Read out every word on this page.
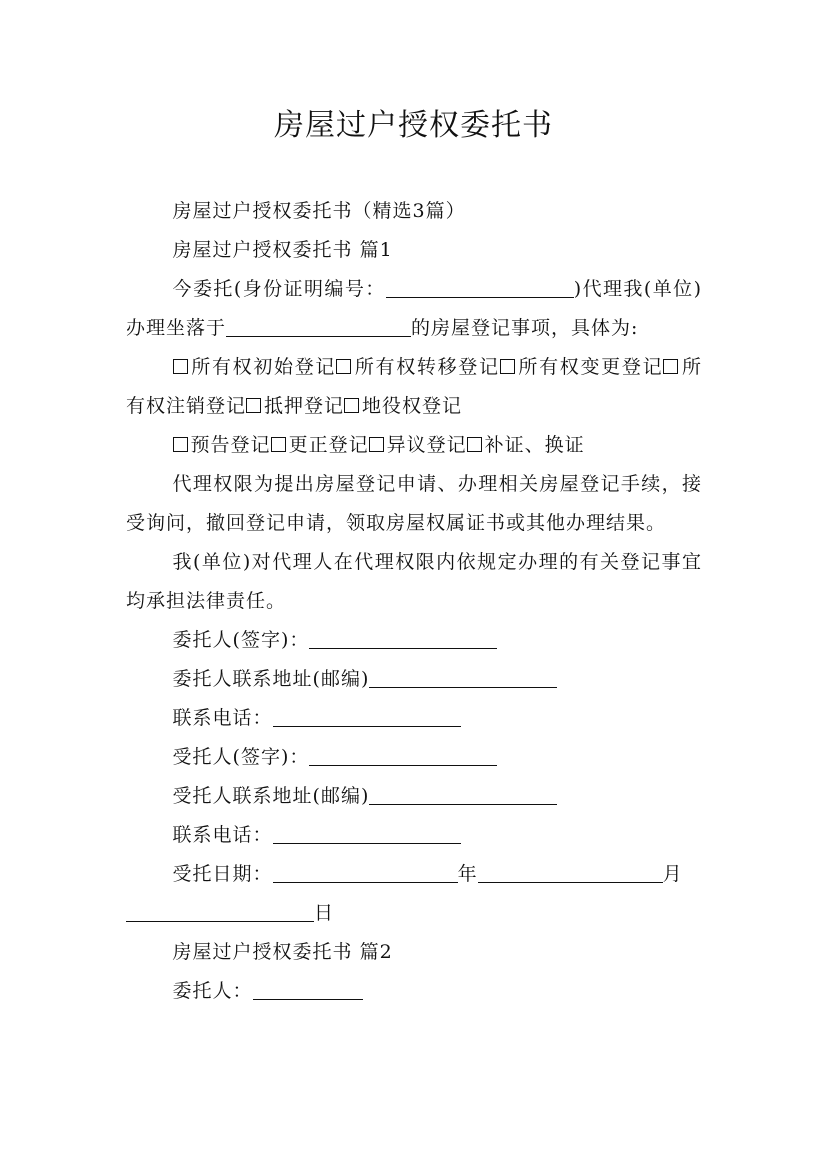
房屋过户授权委托书

房屋过户授权委托书（精选3篇）

房屋过户授权委托书 篇1

今委托(身份证明编号：	)代理我(单位)办理坐落于	的房屋登记事项，具体为:

所有权初始登记 所有权转移登记 所有权变更登记 所有权注销登记 抵押登记 地役权登记

预告登记 更正登记 异议登记 补证、换证

代理权限为提出房屋登记申请、办理相关房屋登记手续，接受询问，撤回登记申请，领取房屋权属证书或其他办理结果。

我(单位)对代理人在代理权限内依规定办理的有关登记事宜均承担法律责任。

委托人(签字)：

委托人联系地址(邮编)

联系电话：

受托人(签字)：

受托人联系地址(邮编)

联系电话：

受托日期：	年	月

日

房屋过户授权委托书 篇2

委托人：
